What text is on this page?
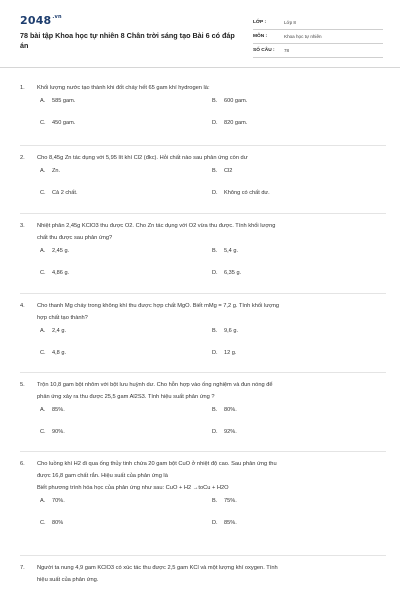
$2048^{.vn}$
78 bài tập Khoa học tự nhiên 8 Chân trời sáng tạo Bài 6 có đáp án
LỚP :	Lớp 8
MÔN :	Khoa học tự nhiên
SỐ CÂU :	78
1.	Khối lượng nước tạo thành khi đốt cháy hết 65 gam khí hydrogen là:
A. 585 gam.	B. 600 gam.
C. 450 gam.	D. 820 gam.
2.	Cho 8,45g Zn tác dụng với 5,95 lít khí Cl2 (đkc). Hỏi chất nào sau phản ứng còn dư
A. Zn.	B. Cl2
C. Cả 2 chất.	D. Không có chất dư.
3.	Nhiệt phân 2,45g KClO3 thu được O2. Cho Zn tác dụng với O2 vừa thu được. Tính khối lượng
chất thu được sau phản ứng?
A. 2,45 g.	B. 5,4 g.
C. 4,86 g.	D. 6,35 g.
4.	Cho thanh Mg cháy trong không khí thu được hợp chất MgO. Biết mMg = 7,2 g. Tính khối lượng
hợp chất tạo thành?
A. 2,4 g.	B. 9,6 g.
C. 4,8 g.	D. 12 g.
5.	Trộn 10,8 gam bột nhôm với bột lưu huỳnh dư. Cho hỗn hợp vào ống nghiệm và đun nóng để
phản ứng xảy ra thu được 25,5 gam Al2S3. Tính hiệu suất phản ứng ?
A. 85%.	B. 80%.
C. 90%.	D. 92%.
6.	Cho luồng khí H2 đi qua ống thủy tinh chứa 20 gam bột CuO ở nhiệt độ cao. Sau phản ứng thu
được 16,8 gam chất rắn. Hiệu suất của phản ứng là
Biết phương trình hóa học của phản ứng như sau: CuO + H2 →toCu + H2O
A. 70%.	B. 75%.
C. 80%	D. 85%.
7.	Người ta nung 4,9 gam KClO3 có xúc tác thu được 2,5 gam KCl và một lượng khí oxygen. Tính
hiệu suất của phản ứng.
